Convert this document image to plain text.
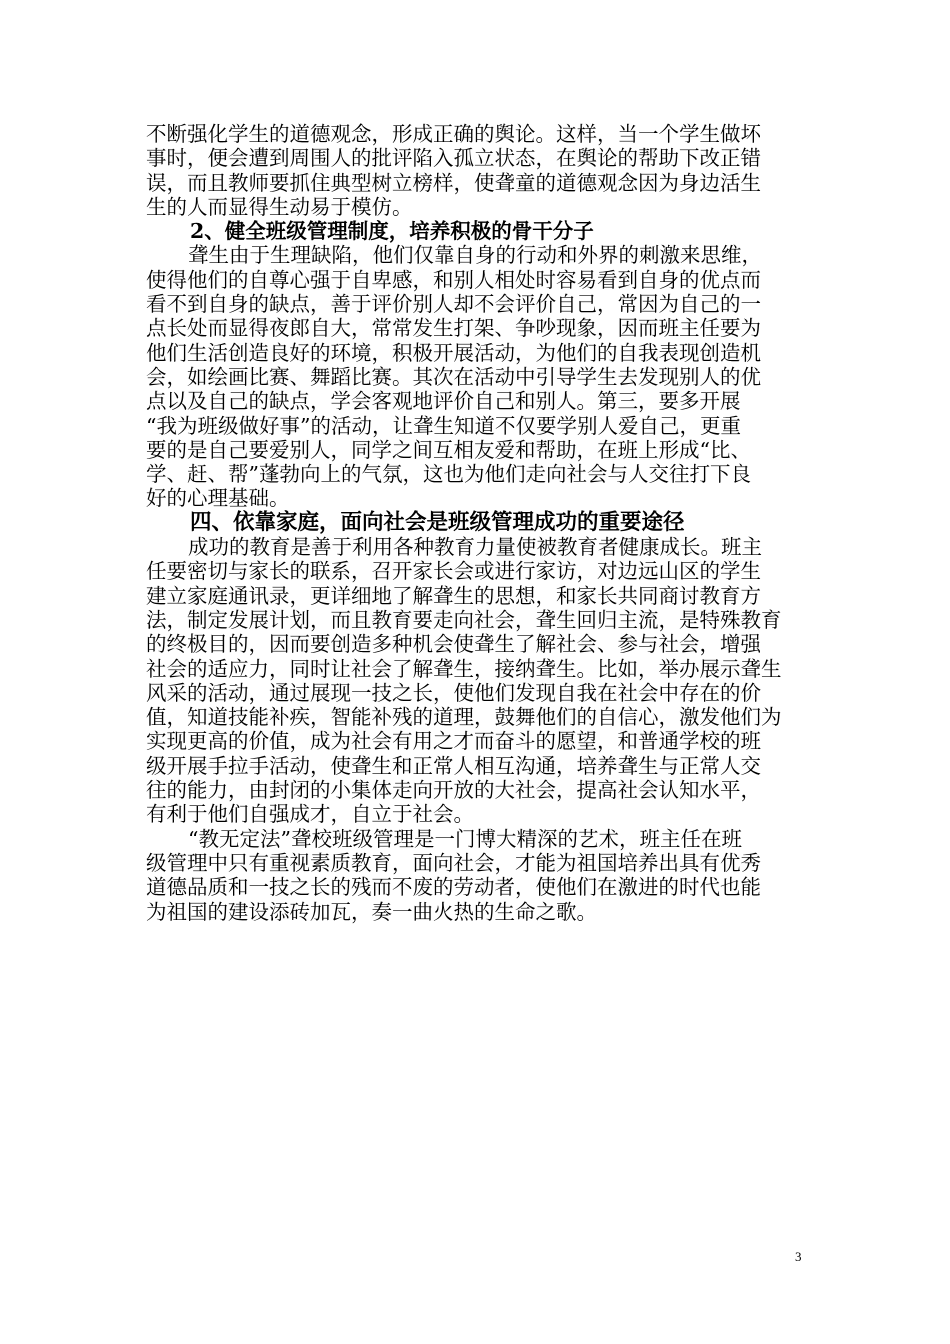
不断强化学生的道德观念，形成正确的舆论。这样，当一个学生做坏
事时，便会遭到周围人的批评陷入孤立状态，在舆论的帮助下改正错
误，而且教师要抓住典型树立榜样，使聋童的道德观念因为身边活生
生的人而显得生动易于模仿。
2、健全班级管理制度，培养积极的骨干分子
聋生由于生理缺陷，他们仅靠自身的行动和外界的刺激来思维，
使得他们的自尊心强于自卑感，和别人相处时容易看到自身的优点而
看不到自身的缺点，善于评价别人却不会评价自己，常因为自己的一
点长处而显得夜郎自大，常常发生打架、争吵现象，因而班主任要为
他们生活创造良好的环境，积极开展活动，为他们的自我表现创造机
会，如绘画比赛、舞蹈比赛。其次在活动中引导学生去发现别人的优
点以及自己的缺点，学会客观地评价自己和别人。第三，要多开展
“我为班级做好事”的活动，让聋生知道不仅要学别人爱自己，更重
要的是自己要爱别人，同学之间互相友爱和帮助，在班上形成“比、
学、赶、帮”蓬勃向上的气氛，这也为他们走向社会与人交往打下良
好的心理基础。
四、依靠家庭，面向社会是班级管理成功的重要途径
成功的教育是善于利用各种教育力量使被教育者健康成长。班主
任要密切与家长的联系，召开家长会或进行家访，对边远山区的学生
建立家庭通讯录，更详细地了解聋生的思想，和家长共同商讨教育方
法，制定发展计划，而且教育要走向社会，聋生回归主流，是特殊教育
的终极目的，因而要创造多种机会使聋生了解社会、参与社会，增强
社会的适应力，同时让社会了解聋生，接纳聋生。比如，举办展示聋生
风采的活动，通过展现一技之长，使他们发现自我在社会中存在的价
值，知道技能补疾，智能补残的道理，鼓舞他们的自信心，激发他们为
实现更高的价值，成为社会有用之才而奋斗的愿望，和普通学校的班
级开展手拉手活动，使聋生和正常人相互沟通，培养聋生与正常人交
往的能力，由封闭的小集体走向开放的大社会，提高社会认知水平，
有利于他们自强成才，自立于社会。
“教无定法”聋校班级管理是一门博大精深的艺术，班主任在班
级管理中只有重视素质教育，面向社会，才能为祖国培养出具有优秀
道德品质和一技之长的残而不废的劳动者，使他们在激进的时代也能
为祖国的建设添砖加瓦，奏一曲火热的生命之歌。
3
